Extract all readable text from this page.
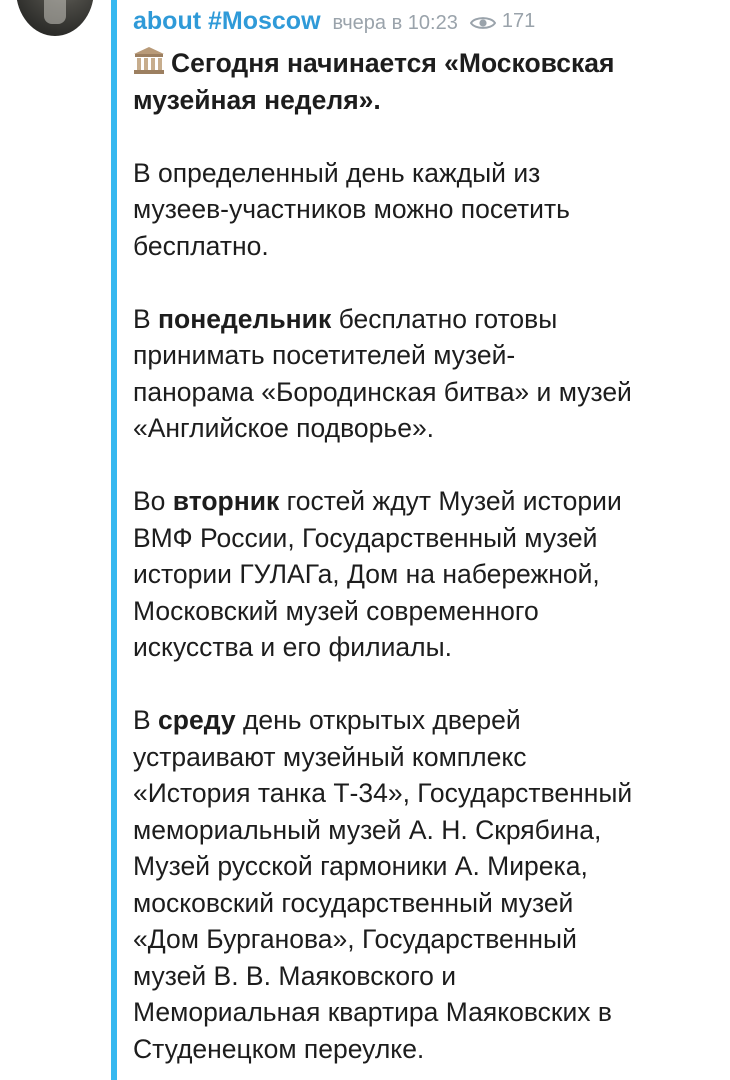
about #Moscow вчера в 10:23 171
Сегодня начинается «Московская
музейная неделя».
В определенный день каждый из
музеев-участников можно посетить
бесплатно.
В понедельник бесплатно готовы
принимать посетителей музей-
панорама «Бородинская битва» и музей
«Английское подворье».
Во вторник гостей ждут Музей истории
ВМФ России, Государственный музей
истории ГУЛАГа, Дом на набережной,
Московский музей современного
искусства и его филиалы.
В среду день открытых дверей
устраивают музейный комплекс
«История танка Т-34», Государственный
мемориальный музей А. Н. Скрябина,
Музей русской гармоники А. Мирека,
московский государственный музей
«Дом Бурганова», Государственный
музей В. В. Маяковского и
Мемориальная квартира Маяковских в
Студенецком переулке.
